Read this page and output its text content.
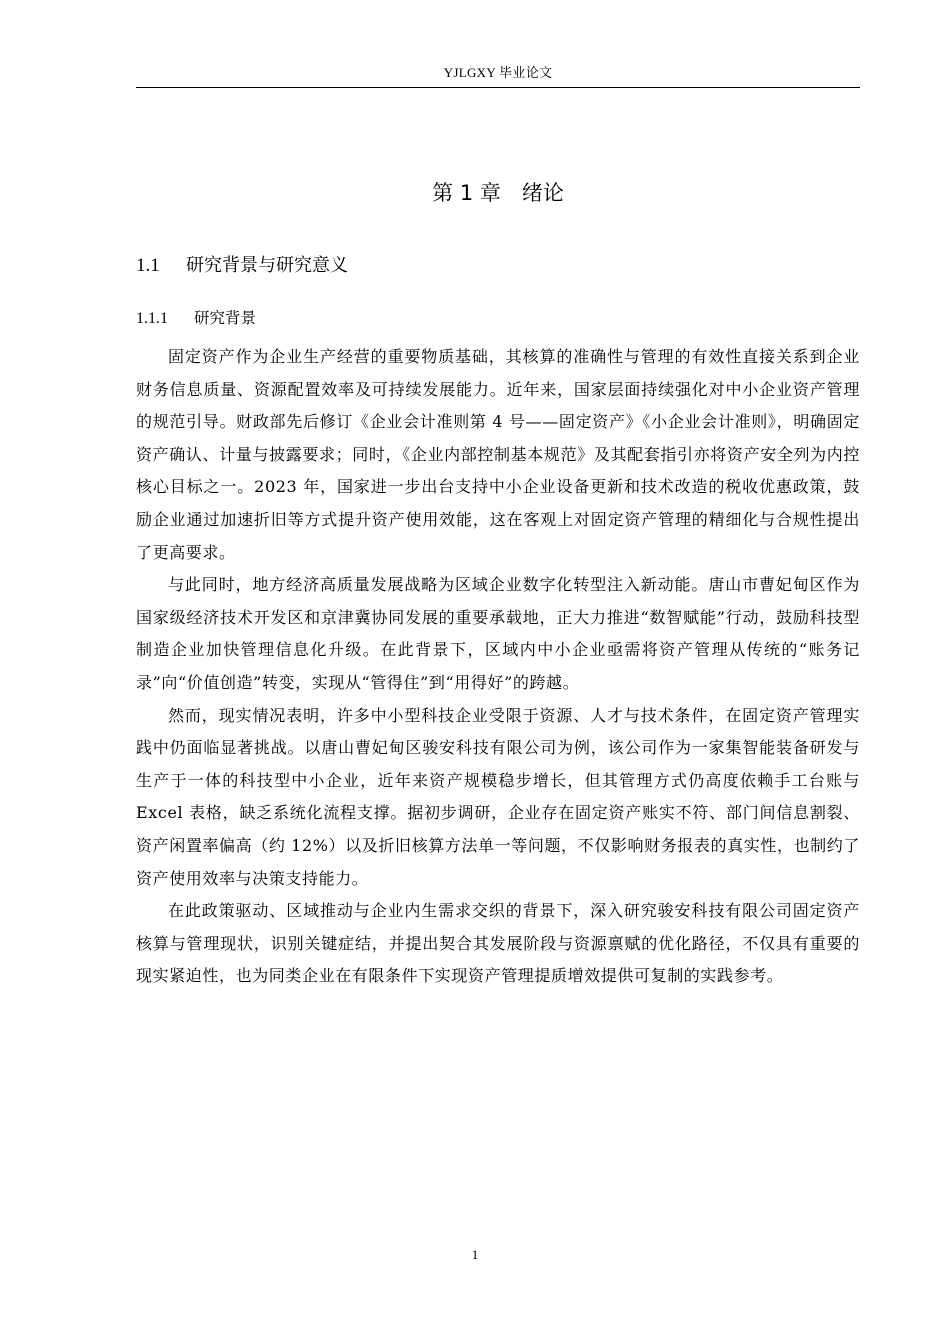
YJLGXY 毕业论文
第 1 章　绪论
1.1 研究背景与研究意义
1.1.1 研究背景

固定资产作为企业生产经营的重要物质基础，其核算的准确性与管理的有效性直接关系到企业财务信息质量、资源配置效率及可持续发展能力。近年来，国家层面持续强化对中小企业资产管理的规范引导。财政部先后修订《企业会计准则第 4 号——固定资产》《小企业会计准则》，明确固定资产确认、计量与披露要求；同时，《企业内部控制基本规范》及其配套指引亦将资产安全列为内控核心目标之一。2023 年，国家进一步出台支持中小企业设备更新和技术改造的税收优惠政策，鼓励企业通过加速折旧等方式提升资产使用效能，这在客观上对固定资产管理的精细化与合规性提出了更高要求。

与此同时，地方经济高质量发展战略为区域企业数字化转型注入新动能。唐山市曹妃甸区作为国家级经济技术开发区和京津冀协同发展的重要承载地，正大力推进“数智赋能”行动，鼓励科技型制造企业加快管理信息化升级。在此背景下，区域内中小企业亟需将资产管理从传统的“账务记录”向“价值创造”转变，实现从“管得住”到“用得好”的跨越。

然而，现实情况表明，许多中小型科技企业受限于资源、人才与技术条件，在固定资产管理实践中仍面临显著挑战。以唐山曹妃甸区骏安科技有限公司为例，该公司作为一家集智能装备研发与生产于一体的科技型中小企业，近年来资产规模稳步增长，但其管理方式仍高度依赖手工台账与 Excel 表格，缺乏系统化流程支撑。据初步调研，企业存在固定资产账实不符、部门间信息割裂、资产闲置率偏高（约 12%）以及折旧核算方法单一等问题，不仅影响财务报表的真实性，也制约了资产使用效率与决策支持能力。

在此政策驱动、区域推动与企业内生需求交织的背景下，深入研究骏安科技有限公司固定资产核算与管理现状，识别关键症结，并提出契合其发展阶段与资源禀赋的优化路径，不仅具有重要的现实紧迫性，也为同类企业在有限条件下实现资产管理提质增效提供可复制的实践参考。

1
